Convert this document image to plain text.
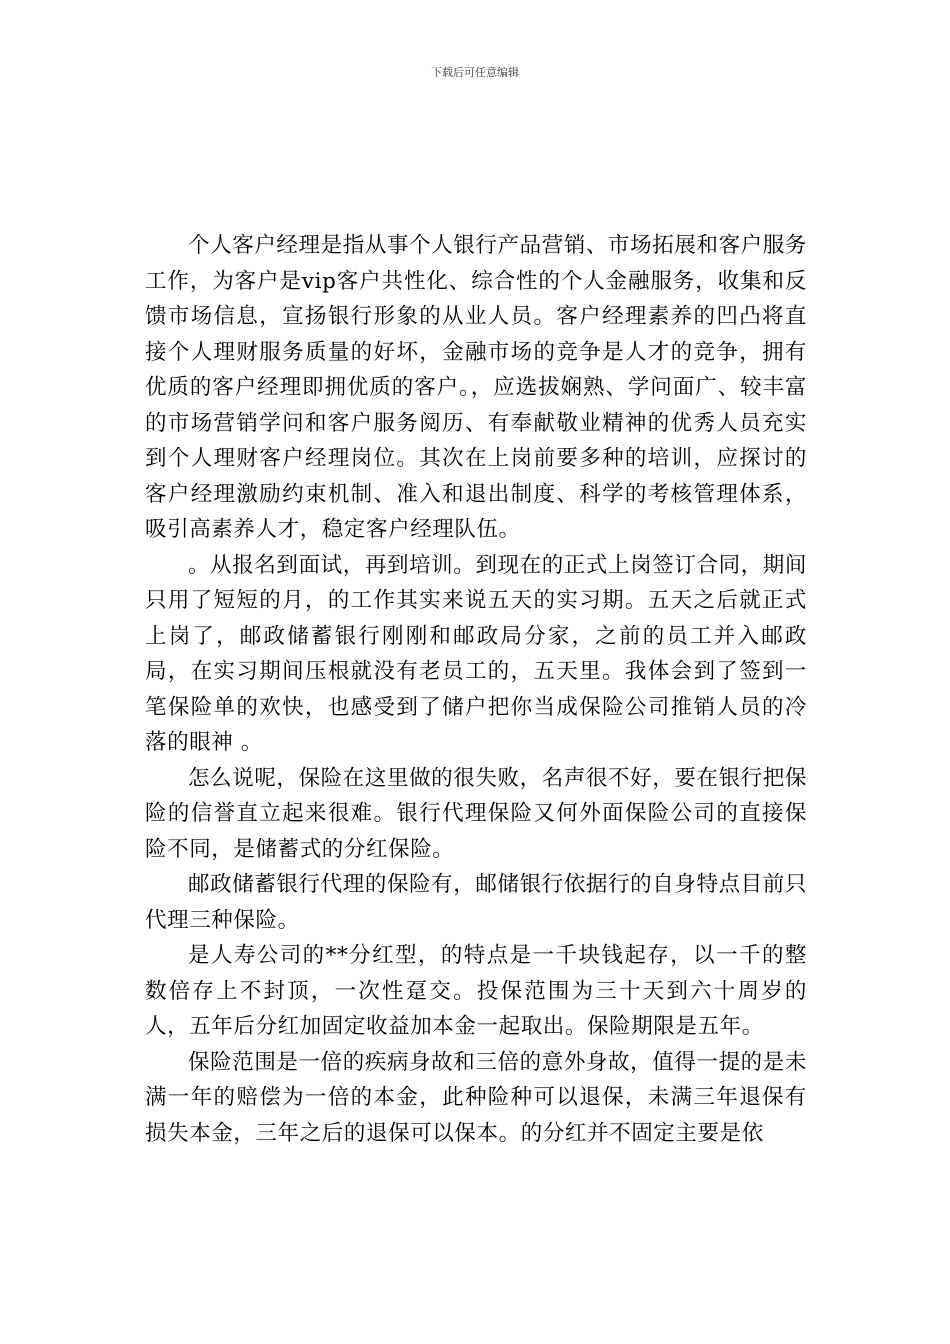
下载后可任意编辑

个人客户经理是指从事个人银行产品营销、市场拓展和客户服务工作，为客户是vip客户共性化、综合性的个人金融服务，收集和反馈市场信息，宣扬银行形象的从业人员。客户经理素养的凹凸将直接个人理财服务质量的好坏，金融市场的竞争是人才的竞争，拥有优质的客户经理即拥优质的客户。，应选拔娴熟、学问面广、较丰富的市场营销学问和客户服务阅历、有奉献敬业精神的优秀人员充实到个人理财客户经理岗位。其次在上岗前要多种的培训，应探讨的客户经理激励约束机制、准入和退出制度、科学的考核管理体系，吸引高素养人才，稳定客户经理队伍。

。从报名到面试，再到培训。到现在的正式上岗签订合同，期间只用了短短的月，的工作其实来说五天的实习期。五天之后就正式上岗了，邮政储蓄银行刚刚和邮政局分家，之前的员工并入邮政局，在实习期间压根就没有老员工的，五天里。我体会到了签到一笔保险单的欢快，也感受到了储户把你当成保险公司推销人员的冷落的眼神 。

怎么说呢，保险在这里做的很失败，名声很不好，要在银行把保险的信誉直立起来很难。银行代理保险又何外面保险公司的直接保险不同，是储蓄式的分红保险。

邮政储蓄银行代理的保险有，邮储银行依据行的自身特点目前只代理三种保险。

是人寿公司的**分红型，的特点是一千块钱起存，以一千的整数倍存上不封顶，一次性趸交。投保范围为三十天到六十周岁的人，五年后分红加固定收益加本金一起取出。保险期限是五年。

保险范围是一倍的疾病身故和三倍的意外身故，值得一提的是未满一年的赔偿为一倍的本金，此种险种可以退保，未满三年退保有损失本金，三年之后的退保可以保本。的分红并不固定主要是依
